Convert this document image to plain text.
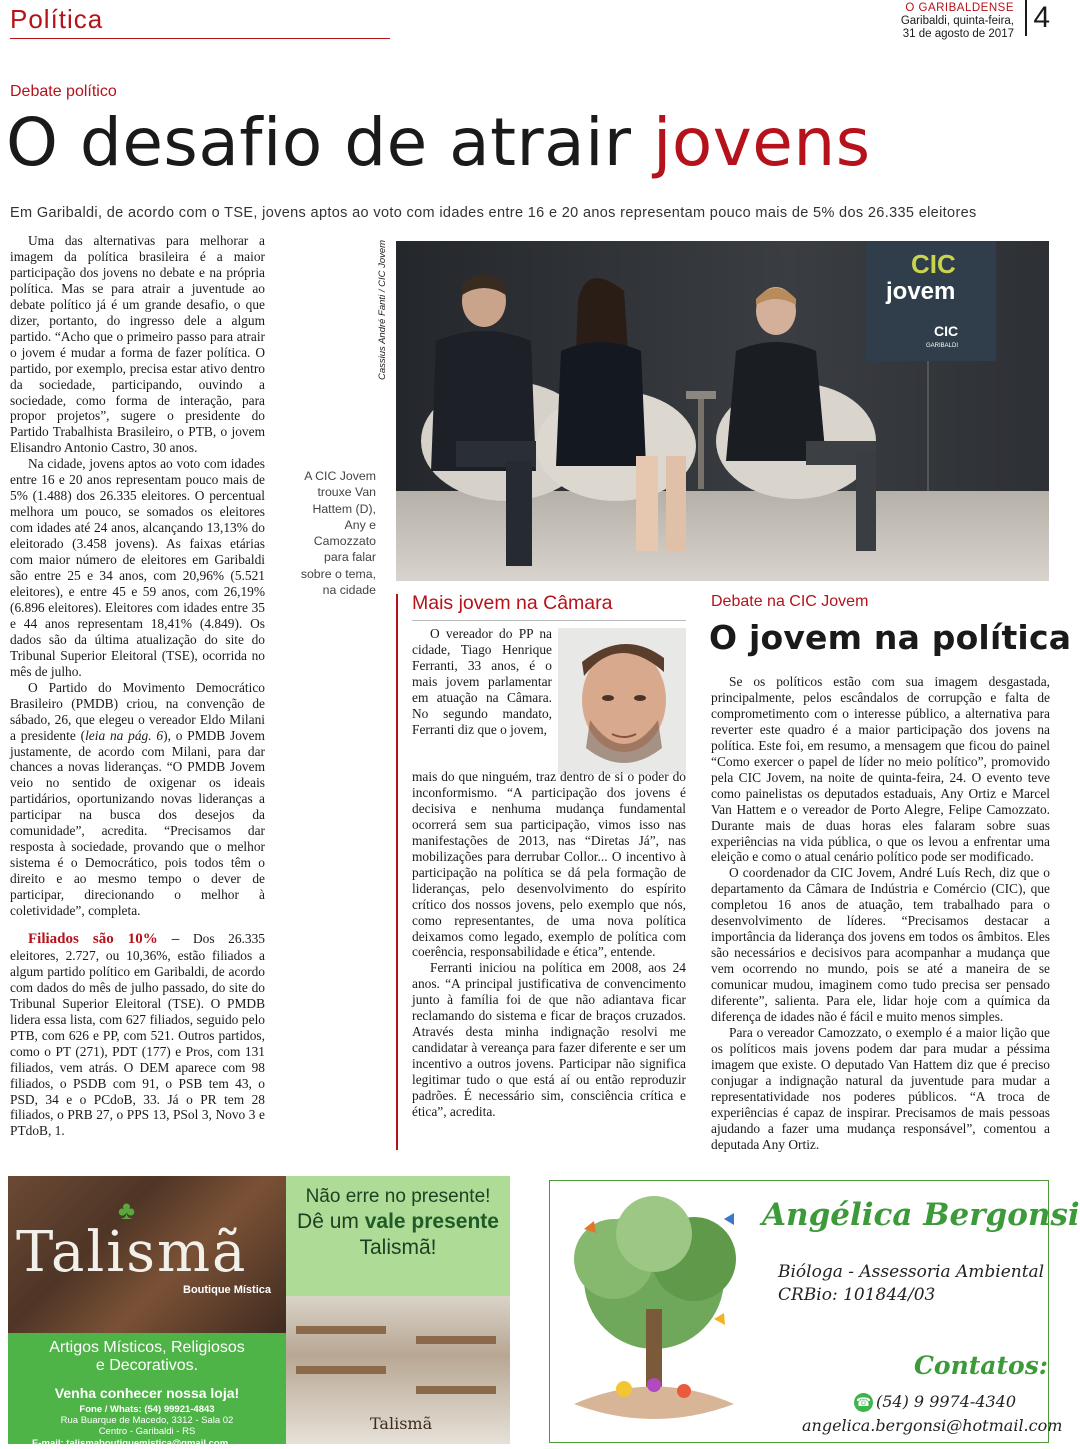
Política	O GARIBALDENSE
Garibaldi, quinta-feira,
31 de agosto de 2017 4
Debate político
O desafio de atrair jovens
Em Garibaldi, de acordo com o TSE, jovens aptos ao voto com idades entre 16 e 20 anos representam pouco mais de 5% dos 26.335 eleitores

Uma das alternativas para melhorar a imagem da política brasileira é a maior participação dos jovens no debate e na própria política. Mas se para atrair a juventude ao debate político já é um grande desafio, o que dizer, portanto, do ingresso dele a algum partido. “Acho que o primeiro passo para atrair o jovem é mudar a forma de fazer política. O partido, por exemplo, precisa estar ativo dentro da sociedade, participando, ouvindo a sociedade, como forma de interação, para propor projetos”, sugere o presidente do Partido Trabalhista Brasileiro, o PTB, o jovem Elisandro Antonio Castro, 30 anos.

Na cidade, jovens aptos ao voto com idades entre 16 e 20 anos representam pouco mais de 5% (1.488) dos 26.335 eleitores. O percentual melhora um pouco, se somados os eleitores com idades até 24 anos, alcançando 13,13% do eleitorado (3.458 jovens). As faixas etárias com maior número de eleitores em Garibaldi são entre 25 e 34 anos, com 20,96% (5.521 eleitores), e entre 45 e 59 anos, com 26,19% (6.896 eleitores). Eleitores com idades entre 35 e 44 anos representam 18,41% (4.849). Os dados são da última atualização do site do Tribunal Superior Eleitoral (TSE), ocorrida no mês de julho.

O Partido do Movimento Democrático Brasileiro (PMDB) criou, na convenção de sábado, 26, que elegeu o vereador Eldo Milani a presidente (leia na pág. 6), o PMDB Jovem justamente, de acordo com Milani, para dar chances a novas lideranças. “O PMDB Jovem veio no sentido de oxigenar os ideais partidários, oportunizando novas lideranças a participar na busca dos desejos da comunidade”, acredita. “Precisamos dar resposta à sociedade, provando que o melhor sistema é o Democrático, pois todos têm o direito e ao mesmo tempo o dever de participar, direcionando o melhor à coletividade”, completa.

Filiados são 10% – Dos 26.335 eleitores, 2.727, ou 10,36%, estão filiados a algum partido político em Garibaldi, de acordo com dados do mês de julho passado, do site do Tribunal Superior Eleitoral (TSE). O PMDB lidera essa lista, com 627 filiados, seguido pelo PTB, com 626 e PP, com 521. Outros partidos, como o PT (271), PDT (177) e Pros, com 131 filiados, vem atrás. O DEM aparece com 98 filiados, o PSDB com 91, o PSB tem 43, o PSD, 34 e o PCdoB, 33. Já o PR tem 28 filiados, o PRB 27, o PPS 13, PSol 3, Novo 3 e PTdoB, 1.

Cassius André Fanti / CIC Jovem
A CIC Jovem trouxe Van Hattem (D), Any e Camozzato para falar sobre o tema, na cidade
CIC
jovem
CIC
GARIBALDI
Mais jovem na Câmara

O vereador do PP na cidade, Tiago Henrique Ferranti, 33 anos, é o mais jovem parlamentar em atuação na Câmara. No segundo mandato, Ferranti diz que o jovem,

mais do que ninguém, traz dentro de si o poder do inconformismo. “A participação dos jovens é decisiva e nenhuma mudança fundamental ocorrerá sem sua participação, vimos isso nas manifestações de 2013, nas “Diretas Já”, nas mobilizações para derrubar Collor... O incentivo à participação na política se dá pela formação de lideranças, pelo desenvolvimento do espírito crítico dos nossos jovens, pelo exemplo que nós, como representantes, de uma nova política deixamos como legado, exemplo de política com coerência, responsabilidade e ética”, entende.

Ferranti iniciou na política em 2008, aos 24 anos. “A principal justificativa de convencimento junto à família foi de que não adiantava ficar reclamando do sistema e ficar de braços cruzados. Através desta minha indignação resolvi me candidatar à vereança para fazer diferente e ser um incentivo a outros jovens. Participar não significa legitimar tudo o que está aí ou então reproduzir padrões. É necessário sim, consciência crítica e ética”, acredita.

Debate na CIC Jovem
O jovem na política

Se os políticos estão com sua imagem desgastada, principalmente, pelos escândalos de corrupção e falta de comprometimento com o interesse público, a alternativa para reverter este quadro é a maior participação dos jovens na política. Este foi, em resumo, a mensagem que ficou do painel “Como exercer o papel de líder no meio político”, promovido pela CIC Jovem, na noite de quinta-feira, 24. O evento teve como painelistas os deputados estaduais, Any Ortiz e Marcel Van Hattem e o vereador de Porto Alegre, Felipe Camozzato. Durante mais de duas horas eles falaram sobre suas experiências na vida pública, o que os levou a enfrentar uma eleição e como o atual cenário político pode ser modificado.

O coordenador da CIC Jovem, André Luís Rech, diz que o departamento da Câmara de Indústria e Comércio (CIC), que completou 16 anos de atuação, tem trabalhado para o desenvolvimento de líderes. “Precisamos destacar a importância da liderança dos jovens em todos os âmbitos. Eles são necessários e decisivos para acompanhar a mudança que vem ocorrendo no mundo, pois se até a maneira de se comunicar mudou, imaginem como tudo precisa ser pensado diferente”, salienta. Para ele, lidar hoje com a química da diferença de idades não é fácil e muito menos simples.

Para o vereador Camozzato, o exemplo é a maior lição que os políticos mais jovens podem dar para mudar a péssima imagem que existe. O deputado Van Hattem diz que é preciso conjugar a indignação natural da juventude para mudar a representatividade nos poderes públicos. “A troca de experiências é capaz de inspirar. Precisamos de mais pessoas ajudando a fazer uma mudança responsável”, comentou a deputada Any Ortiz.

♣
Talismã
Boutique Mística
Não erre no presente!
Dê um vale presente
Talismã!
Artigos Místicos, Religiosos
e Decorativos.
Venha conhecer nossa loja!
Fone / Whats: (54) 99921-4843
Rua Buarque de Macedo, 3312 - Sala 02
Centro - Garibaldi - RS
E-mail: talismaboutiquemistica@gmail.com
Talismã
Angélica Bergonsi
Bióloga - Assessoria Ambiental
CRBio: 101844/03
Contatos:
☎ (54) 9 9974-4340
angelica.bergonsi@hotmail.com
